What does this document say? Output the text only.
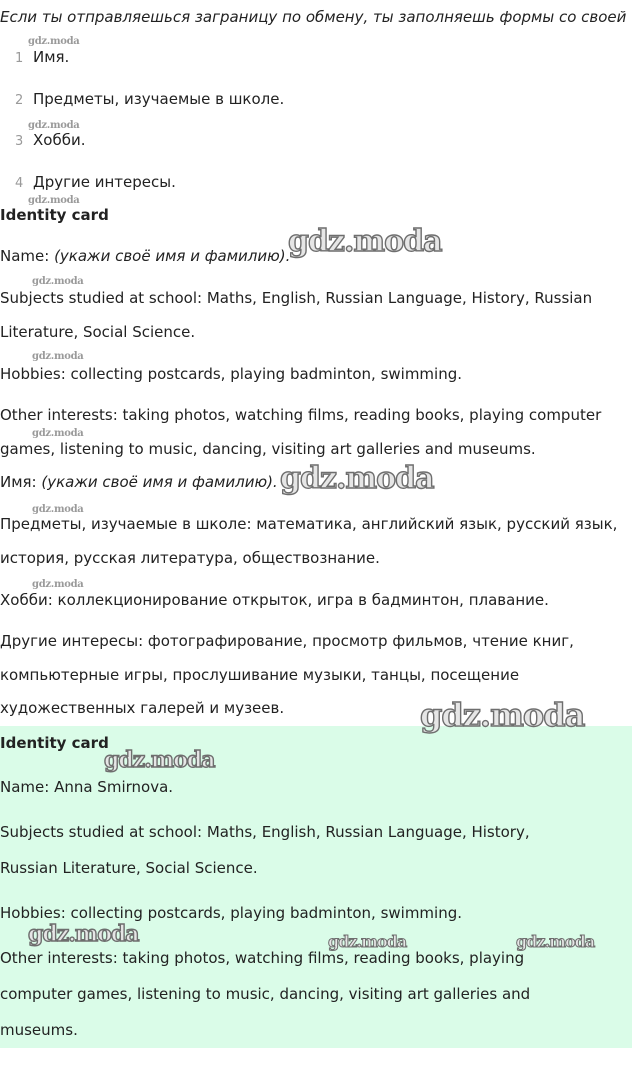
Если ты отправляешься заграницу по обмену, ты заполняешь формы со своей
gdz.moda
1 Имя.
2 Предметы, изучаемые в школе.
gdz.moda
3 Хобби.
4 Другие интересы.
gdz.moda
Identity card
Name: (укажи своё имя и фамилию).
gdz.moda
gdz.moda
Subjects studied at school: Maths, English, Russian Language, History, Russian
Literature, Social Science.
gdz.moda
Hobbies: collecting postcards, playing badminton, swimming.
Other interests: taking photos, watching films, reading books, playing computer
gdz.moda
games, listening to music, dancing, visiting art galleries and museums.
Имя: (укажи своё имя и фамилию). gdz.moda
gdz.moda
Предметы, изучаемые в школе: математика, английский язык, русский язык,
история, русская литература, обществознание.
gdz.moda
Хобби: коллекционирование открыток, игра в бадминтон, плавание.
Другие интересы: фотографирование, просмотр фильмов, чтение книг,
компьютерные игры, прослушивание музыки, танцы, посещение
художественных галерей и музеев.	gdz.moda
Identity card
gdz.moda
Name: Anna Smirnova.
Subjects studied at school: Maths, English, Russian Language, History,
Russian Literature, Social Science.
Hobbies: collecting postcards, playing badminton, swimming.
gdz.moda	gdz.moda	gdz.moda
Other interests: taking photos, watching films, reading books, playing
computer games, listening to music, dancing, visiting art galleries and
museums.
